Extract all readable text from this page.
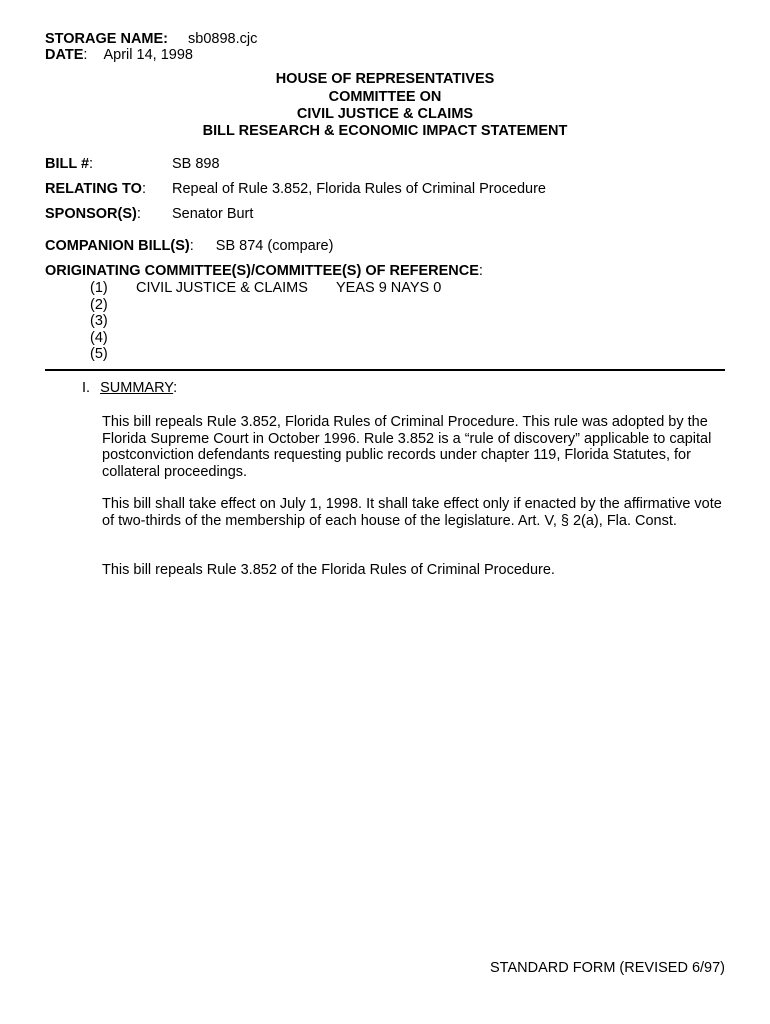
STORAGE NAME: sb0898.cjc
DATE: April 14, 1998
HOUSE OF REPRESENTATIVES
COMMITTEE ON
CIVIL JUSTICE & CLAIMS
BILL RESEARCH & ECONOMIC IMPACT STATEMENT
BILL #:	SB 898
RELATING TO: Repeal of Rule 3.852, Florida Rules of Criminal Procedure
SPONSOR(S): Senator Burt
COMPANION BILL(S): SB 874 (compare)
ORIGINATING COMMITTEE(S)/COMMITTEE(S) OF REFERENCE:
(1) CIVIL JUSTICE & CLAIMS YEAS 9 NAYS 0
(2)
(3)
(4)
(5)
I. SUMMARY:
This bill repeals Rule 3.852, Florida Rules of Criminal Procedure. This rule was adopted by the Florida Supreme Court in October 1996. Rule 3.852 is a “rule of discovery” applicable to capital postconviction defendants requesting public records under chapter 119, Florida Statutes, for collateral proceedings.
This bill shall take effect on July 1, 1998. It shall take effect only if enacted by the affirmative vote of two-thirds of the membership of each house of the legislature. Art. V, § 2(a), Fla. Const.
This bill repeals Rule 3.852 of the Florida Rules of Criminal Procedure.
STANDARD FORM (REVISED 6/97)
